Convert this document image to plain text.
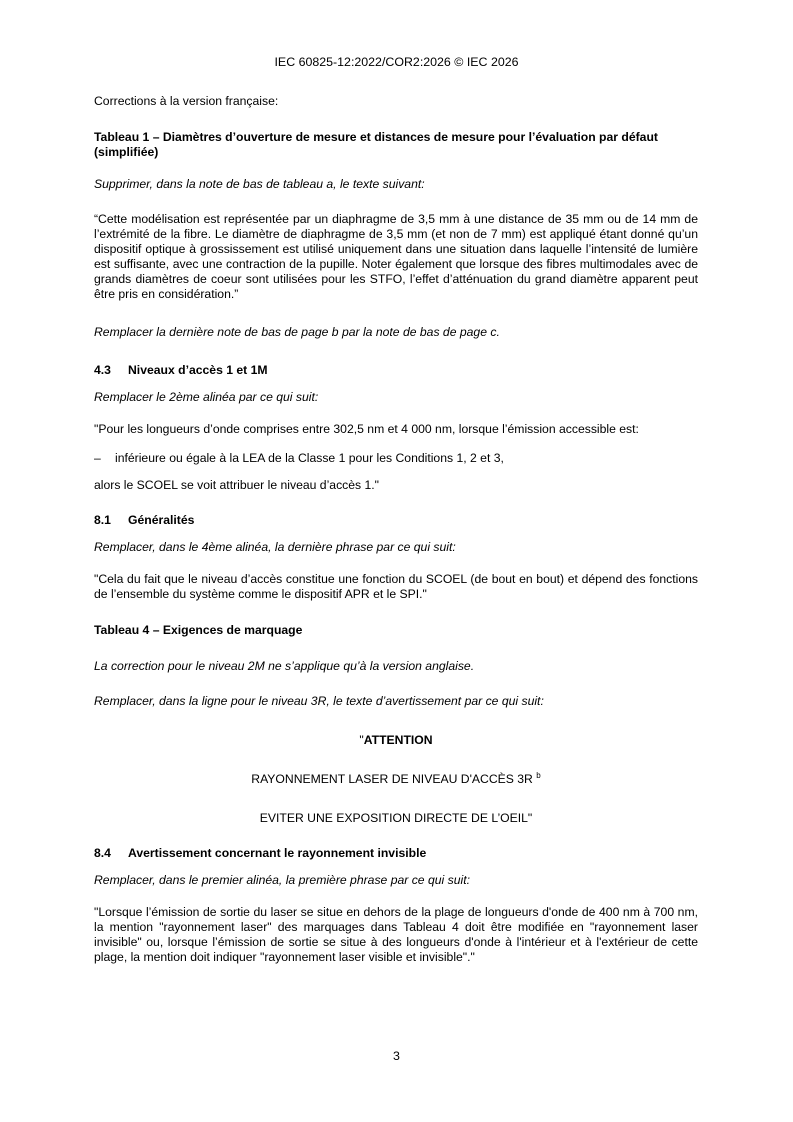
IEC 60825-12:2022/COR2:2026 © IEC 2026

Corrections à la version française:

Tableau 1 – Diamètres d’ouverture de mesure et distances de mesure pour l’évaluation par défaut (simplifiée)

Supprimer, dans la note de bas de tableau a, le texte suivant:

“Cette modélisation est représentée par un diaphragme de 3,5 mm à une distance de 35 mm ou de 14 mm de l’extrémité de la fibre. Le diamètre de diaphragme de 3,5 mm (et non de 7 mm) est appliqué étant donné qu’un dispositif optique à grossissement est utilisé uniquement dans une situation dans laquelle l’intensité de lumière est suffisante, avec une contraction de la pupille. Noter également que lorsque des fibres multimodales avec de grands diamètres de coeur sont utilisées pour les STFO, l’effet d’atténuation du grand diamètre apparent peut être pris en considération.”

Remplacer la dernière note de bas de page b par la note de bas de page c.

4.3 Niveaux d’accès 1 et 1M

Remplacer le 2ème alinéa par ce qui suit:

"Pour les longueurs d’onde comprises entre 302,5 nm et 4 000 nm, lorsque l’émission accessible est:

–	inférieure ou égale à la LEA de la Classe 1 pour les Conditions 1, 2 et 3,

alors le SCOEL se voit attribuer le niveau d’accès 1."

8.1 Généralités

Remplacer, dans le 4ème alinéa, la dernière phrase par ce qui suit:

"Cela du fait que le niveau d’accès constitue une fonction du SCOEL (de bout en bout) et dépend des fonctions de l’ensemble du système comme le dispositif APR et le SPI."

Tableau 4 – Exigences de marquage

La correction pour le niveau 2M ne s’applique qu’à la version anglaise.

Remplacer, dans la ligne pour le niveau 3R, le texte d’avertissement par ce qui suit:

"ATTENTION

RAYONNEMENT LASER DE NIVEAU D'ACCÈS 3R $^b$

EVITER UNE EXPOSITION DIRECTE DE L’OEIL"

8.4 Avertissement concernant le rayonnement invisible

Remplacer, dans le premier alinéa, la première phrase par ce qui suit:

"Lorsque l’émission de sortie du laser se situe en dehors de la plage de longueurs d'onde de 400 nm à 700 nm, la mention "rayonnement laser" des marquages dans Tableau 4 doit être modifiée en "rayonnement laser invisible" ou, lorsque l’émission de sortie se situe à des longueurs d'onde à l'intérieur et à l'extérieur de cette plage, la mention doit indiquer "rayonnement laser visible et invisible"."

3
